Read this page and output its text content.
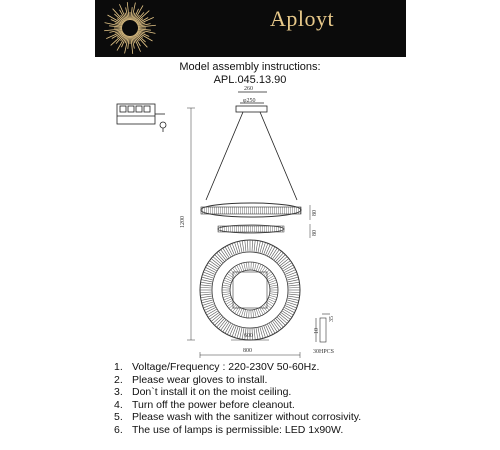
Aployt
Model assembly instructions:
APL.045.13.90
260
φ250
1200
80
80
600
800
10
35
30HPCS
1. Voltage/Frequency : 220-230V 50-60Hz.
2. Please wear gloves to install.
3. Don`t install it on the moist ceiling.
4. Turn off the power before cleanout.
5. Please wash with the sanitizer without corrosivity.
6. The use of lamps is permissible: LED 1x90W.
